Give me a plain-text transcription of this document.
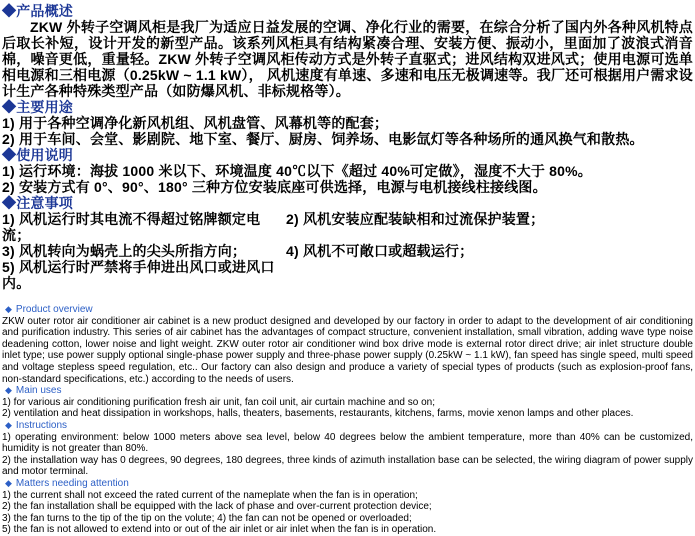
◆产品概述

ZKW 外转子空调风柜是我厂为适应日益发展的空调、净化行业的需要，在综合分析了国内外各种风机特点后取长补短，设计开发的新型产品。该系列风柜具有结构紧凑合理、安装方便、振动小，里面加了波浪式消音棉，噪音更低，重量轻。ZKW 外转子空调风柜传动方式是外转子直驱式；进风结构双进风式；使用电源可选单相电源和三相电源（0.25kW ~ 1.1 kW）， 风机速度有单速、多速和电压无极调速等。我厂还可根据用户需求设计生产各种特殊类型产品（如防爆风机、非标规格等）。

◆主要用途
1) 用于各种空调净化新风机组、风机盘管、风幕机等的配套；
2) 用于车间、会堂、影剧院、地下室、餐厅、厨房、饲养场、电影氙灯等各种场所的通风换气和散热。
◆使用说明
1) 运行环境：海拔 1000 米以下、环境温度 40℃以下《超过 40%可定做》，湿度不大于 80%。
2) 安装方式有 0°、90°、180° 三种方位安装底座可供选择，电源与电机接线柱接线图。
◆注意事项
1) 风机运行时其电流不得超过铭牌额定电流；
2) 风机安装应配装缺相和过流保护装置；
3) 风机转向为蜗壳上的尖头所指方向；	4) 风机不可敞口或超载运行；
5) 风机运行时严禁将手伸进出风口或进风口内。
◆ Product overview

ZKW outer rotor air conditioner air cabinet is a new product designed and developed by our factory in order to adapt to the development of air conditioning and purification industry. This series of air cabinet has the advantages of compact structure, convenient installation, small vibration, adding wave type noise deadening cotton, lower noise and light weight. ZKW outer rotor air conditioner wind box drive mode is external rotor direct drive; air inlet structure double inlet type; use power supply optional single-phase power supply and three-phase power supply (0.25kW ~ 1.1 kW), fan speed has single speed, multi speed and voltage stepless speed regulation, etc.. Our factory can also design and produce a variety of special types of products (such as explosion-proof fans, non-standard specifications, etc.) according to the needs of users.

◆ Main uses
1) for various air conditioning purification fresh air unit, fan coil unit, air curtain machine and so on;
2) ventilation and heat dissipation in workshops, halls, theaters, basements, restaurants, kitchens, farms, movie xenon lamps and other places.
◆ Instructions
1) operating environment: below 1000 meters above sea level, below 40 degrees below the ambient temperature, more than 40% can be customized, humidity is not greater than 80%.
2) the installation way has 0 degrees, 90 degrees, 180 degrees, three kinds of azimuth installation base can be selected, the wiring diagram of power supply and motor terminal.
◆ Matters needing attention
1) the current shall not exceed the rated current of the nameplate when the fan is in operation;
2) the fan installation shall be equipped with the lack of phase and over-current protection device;
3) the fan turns to the tip of the tip on the volute; 4) the fan can not be opened or overloaded;
5) the fan is not allowed to extend into or out of the air inlet or air inlet when the fan is in operation.
